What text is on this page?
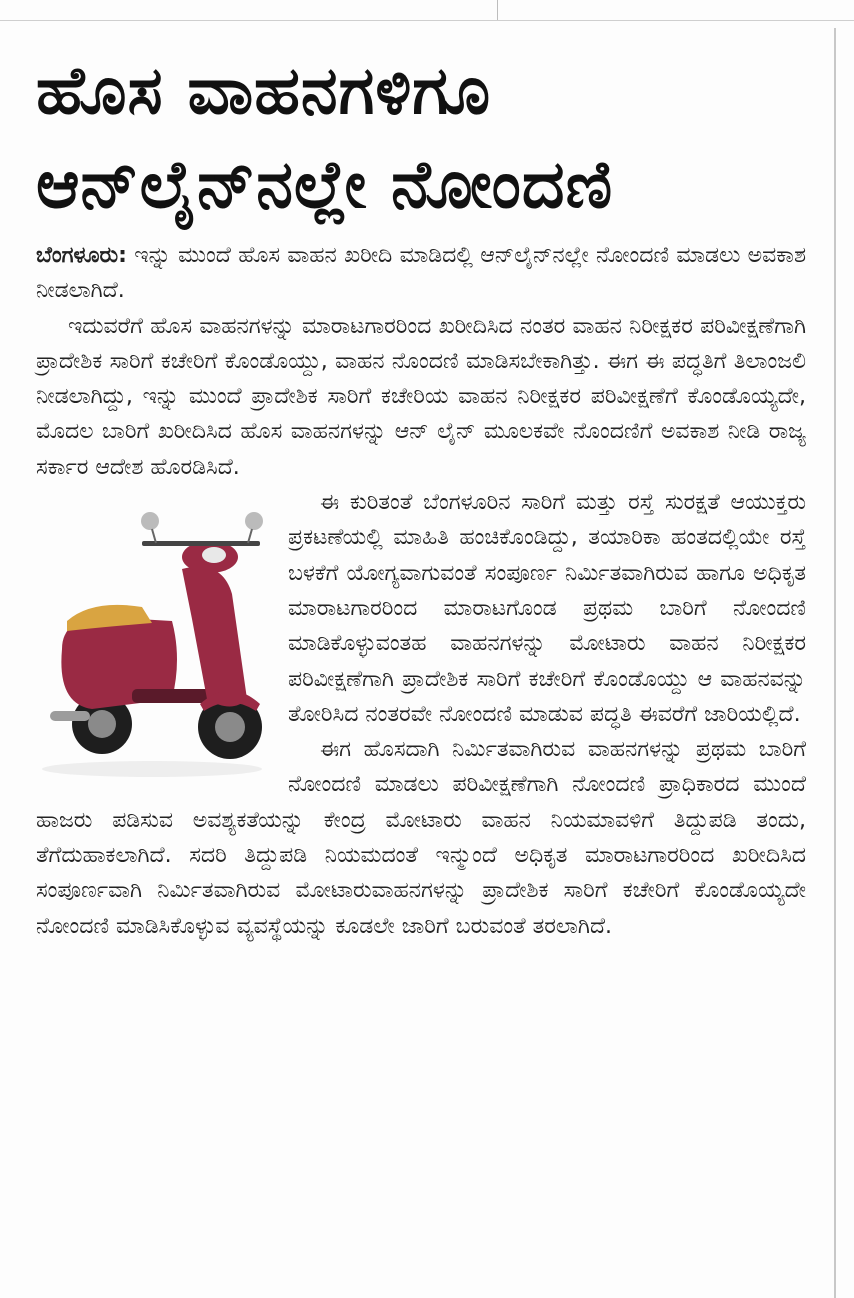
ಹೊಸ ವಾಹನಗಳಿಗೂ
ಆನ್‌ಲೈನ್‌ನಲ್ಲೇ ನೋಂದಣಿ

ಬೆಂಗಳೂರು: ಇನ್ನು ಮುಂದೆ ಹೊಸ ವಾಹನ ಖರೀದಿ ಮಾಡಿದಲ್ಲಿ ಆನ್‌ಲೈನ್‌ನಲ್ಲೇ ನೋಂದಣಿ ಮಾಡಲು ಅವಕಾಶ ನೀಡಲಾಗಿದೆ.

ಇದುವರೆಗೆ ಹೊಸ ವಾಹನಗಳನ್ನು ಮಾರಾಟಗಾರರಿಂದ ಖರೀದಿಸಿದ ನಂತರ ವಾಹನ ನಿರೀಕ್ಷಕರ ಪರಿವೀಕ್ಷಣೆಗಾಗಿ ಪ್ರಾದೇಶಿಕ ಸಾರಿಗೆ ಕಚೇರಿಗೆ ಕೊಂಡೊಯ್ದು, ವಾಹನ ನೊಂದಣಿ ಮಾಡಿಸಬೇಕಾಗಿತ್ತು. ಈಗ ಈ ಪದ್ಧತಿಗೆ ತಿಲಾಂಜಲಿ ನೀಡಲಾಗಿದ್ದು, ಇನ್ನು ಮುಂದೆ ಪ್ರಾದೇಶಿಕ ಸಾರಿಗೆ ಕಚೇರಿಯ ವಾಹನ ನಿರೀಕ್ಷಕರ ಪರಿವೀಕ್ಷಣೆಗೆ ಕೊಂಡೊಯ್ಯದೇ, ಮೊದಲ ಬಾರಿಗೆ ಖರೀದಿಸಿದ ಹೊಸ ವಾಹನಗಳನ್ನು ಆನ್ ಲೈನ್ ಮೂಲಕವೇ ನೊಂದಣಿಗೆ ಅವಕಾಶ ನೀಡಿ ರಾಜ್ಯ ಸರ್ಕಾರ ಆದೇಶ ಹೊರಡಿಸಿದೆ.

ಈ ಕುರಿತಂತೆ ಬೆಂಗಳೂರಿನ ಸಾರಿಗೆ ಮತ್ತು ರಸ್ತೆ ಸುರಕ್ಷತೆ ಆಯುಕ್ತರು ಪ್ರಕಟಣೆಯಲ್ಲಿ ಮಾಹಿತಿ ಹಂಚಿಕೊಂಡಿದ್ದು, ತಯಾರಿಕಾ ಹಂತದಲ್ಲಿಯೇ ರಸ್ತೆ ಬಳಕೆಗೆ ಯೋಗ್ಯವಾಗುವಂತೆ ಸಂಪೂರ್ಣ ನಿರ್ಮಿತವಾಗಿರುವ ಹಾಗೂ ಅಧಿಕೃತ ಮಾರಾಟಗಾರರಿಂದ ಮಾರಾಟಗೊಂಡ ಪ್ರಥಮ ಬಾರಿಗೆ ನೋಂದಣಿ ಮಾಡಿಕೊಳ್ಳುವಂತಹ ವಾಹನಗಳನ್ನು ಮೋಟಾರು ವಾಹನ ನಿರೀಕ್ಷಕರ ಪರಿವೀಕ್ಷಣೆಗಾಗಿ ಪ್ರಾದೇಶಿಕ ಸಾರಿಗೆ ಕಚೇರಿಗೆ ಕೊಂಡೊಯ್ದು ಆ ವಾಹನವನ್ನು ತೋರಿಸಿದ ನಂತರವೇ ನೋಂದಣಿ ಮಾಡುವ ಪದ್ಧತಿ ಈವರೆಗೆ ಜಾರಿಯಲ್ಲಿದೆ.

ಈಗ ಹೊಸದಾಗಿ ನಿರ್ಮಿತವಾಗಿರುವ ವಾಹನಗಳನ್ನು ಪ್ರಥಮ ಬಾರಿಗೆ ನೋಂದಣಿ ಮಾಡಲು ಪರಿವೀಕ್ಷಣೆಗಾಗಿ ನೋಂದಣಿ ಪ್ರಾಧಿಕಾರದ ಮುಂದೆ ಹಾಜರು ಪಡಿಸುವ ಅವಶ್ಯಕತೆಯನ್ನು ಕೇಂದ್ರ ಮೋಟಾರು ವಾಹನ ನಿಯಮಾವಳಿಗೆ ತಿದ್ದುಪಡಿ ತಂದು, ತೆಗೆದುಹಾಕಲಾಗಿದೆ. ಸದರಿ ತಿದ್ದುಪಡಿ ನಿಯಮದಂತೆ ಇನ್ಮುಂದೆ ಅಧಿಕೃತ ಮಾರಾಟಗಾರರಿಂದ ಖರೀದಿಸಿದ ಸಂಪೂರ್ಣವಾಗಿ ನಿರ್ಮಿತವಾಗಿರುವ ಮೋಟಾರುವಾಹನಗಳನ್ನು ಪ್ರಾದೇಶಿಕ ಸಾರಿಗೆ ಕಚೇರಿಗೆ ಕೊಂಡೊಯ್ಯದೇ ನೋಂದಣಿ ಮಾಡಿಸಿಕೊಳ್ಳುವ ವ್ಯವಸ್ಥೆಯನ್ನು ಕೂಡಲೇ ಜಾರಿಗೆ ಬರುವಂತೆ ತರಲಾಗಿದೆ.
